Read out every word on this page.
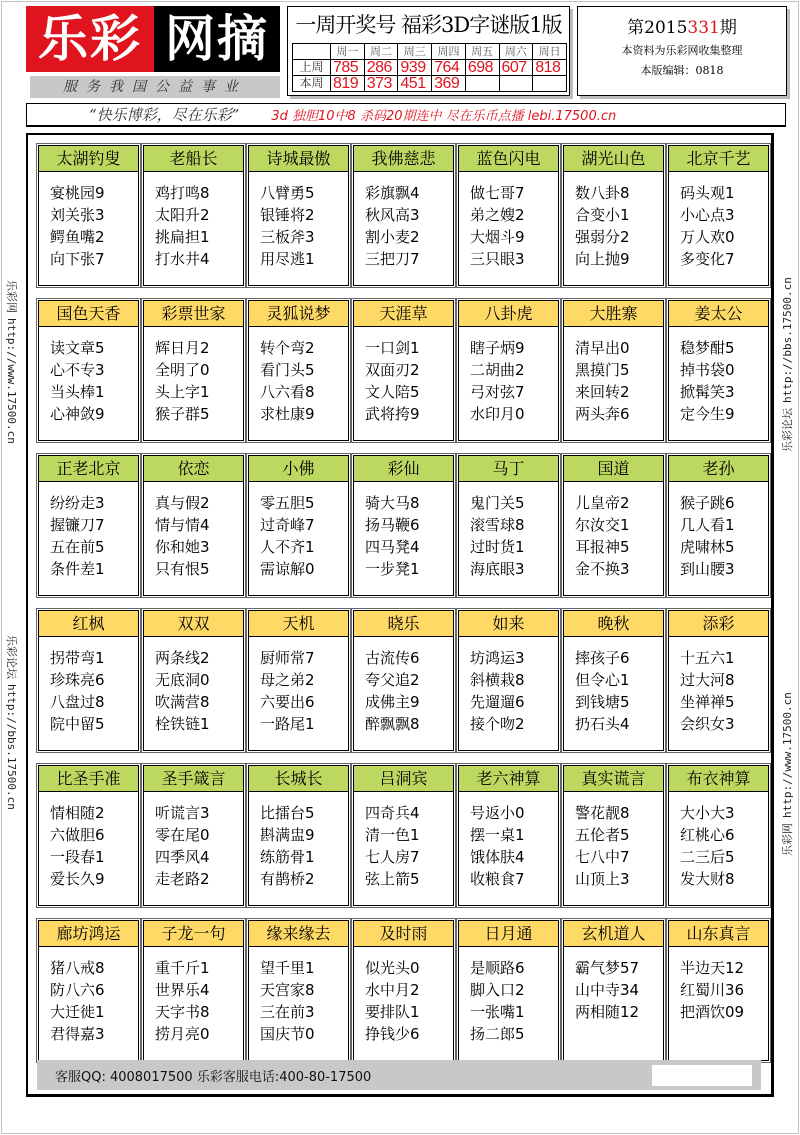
乐彩 网摘
服务我国公益事业
一周开奖号 福彩3D字谜版1版
	周一	周二	周三	周四	周五	周六	周日
上周	785	286	939	764	698	607	818
本周	819	373	451	369			
第2015331期
本资料为乐彩网收集整理
本版编辑：0818
“快乐博彩，尽在乐彩” 3d 独胆10中8 杀码20期连中 尽在乐币点播 lebi.17500.cn
乐彩网http://www.17500.cn
乐彩论坛http://bbs.17500.cn
乐彩论坛http://bbs.17500.cn
乐彩网http://www.17500.cn
太湖钓叟
宴桃园9
刘关张3
鳄鱼嘴2
向下张7
老船长
鸡打鸣8
太阳升2
挑扁担1
打水井4
诗城最傲
八臂勇5
银锤将2
三板斧3
用尽逃1
我佛慈悲
彩旗飘4
秋风高3
割小麦2
三把刀7
蓝色闪电
做七哥7
弟之嫂2
大烟斗9
三只眼3
湖光山色
数八卦8
合变小1
强弱分2
向上抛9
北京千艺
码头观1
小心点3
万人欢0
多变化7
国色天香
读文章5
心不专3
当头棒1
心神敛9
彩票世家
辉日月2
全明了0
头上字1
猴子群5
灵狐说梦
转个弯2
看门头5
八六看8
求杜康9
天涯草
一口剑1
双面刃2
文人陪5
武将挎9
八卦虎
瞎子炳9
二胡曲2
弓对弦7
水印月0
大胜寨
清早出0
黑摸门5
来回转2
两头奔6
姜太公
稳梦酣5
掉书袋0
掀髯笑3
定今生9
正老北京
纷纷走3
握镰刀7
五在前5
条件差1
依恋
真与假2
情与情4
你和她3
只有恨5
小佛
零五胆5
过奇峰7
人不齐1
需谅解0
彩仙
骑大马8
扬马鞭6
四马凳4
一步凳1
马丁
鬼门关5
滚雪球8
过时货1
海底眼3
国道
儿皇帝2
尔汝交1
耳报神5
金不换3
老孙
猴子跳6
几人看1
虎啸林5
到山腰3
红枫
拐带弯1
珍珠亮6
八盘过8
院中留5
双双
两条线2
无底洞0
吹满营8
栓铁链1
天机
厨师常7
母之弟2
六要出6
一路尾1
晓乐
古流传6
夸父追2
成佛主9
醉飘飘8
如来
坊鸿运3
斜横栽8
先遛遛6
接个吻2
晚秋
摔孩子6
但令心1
到钱塘5
扔石头4
添彩
十五六1
过大河8
坐禅禅5
会织女3
比圣手准
情相随2
六做胆6
一段春1
爱长久9
圣手箴言
听谎言3
零在尾0
四季风4
走老路2
长城长
比擂台5
斟满盅9
练筋骨1
有鹊桥2
吕洞宾
四奇兵4
清一色1
七人房7
弦上箭5
老六神算
号返小0
摆一桌1
饿体肤4
收粮食7
真实谎言
警花靓8
五伦者5
七八中7
山顶上3
布衣神算
大小大3
红桃心6
二三后5
发大财8
廊坊鸿运
猪八戒8
防八六6
大迁徙1
君得嘉3
子龙一句
重千斤1
世界乐4
天字书8
捞月亮0
缘来缘去
望千里1
天宫家8
三在前3
国庆节0
及时雨
似光头0
水中月2
要排队1
挣钱少6
日月通
是顺路6
脚入口2
一张嘴1
扬二郎5
玄机道人
霸气梦57
山中寺34
两相随12
山东真言
半边天12
红蜀川36
把酒饮09
客服QQ: 4008017500 乐彩客服电话:400-80-17500
